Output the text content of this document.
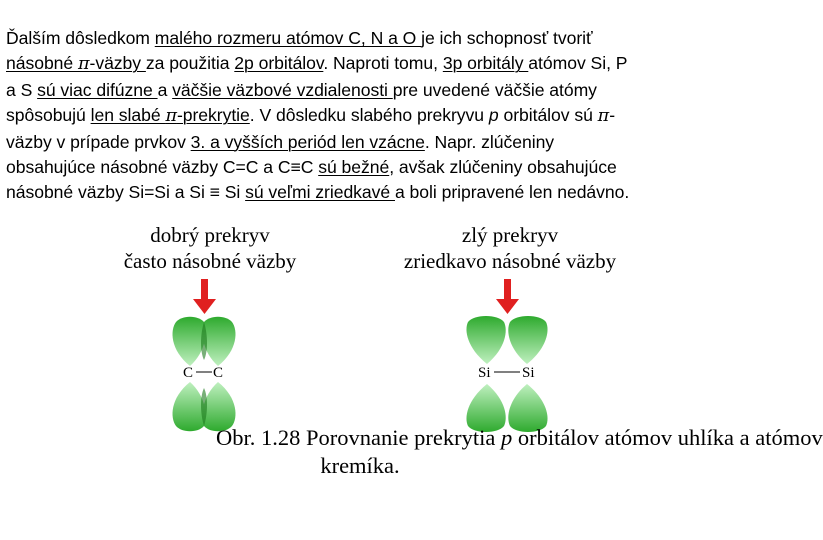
Ďalším dôsledkom malého rozmeru atómov C, N a O je ich schopnosť tvoriť
násobné π-väzby za použitia 2p orbitálov. Naproti tomu, 3p orbitály atómov Si, P
a S sú viac difúzne a väčšie väzbové vzdialenosti pre uvedené väčšie atómy
spôsobujú len slabé π-prekrytie. V dôsledku slabého prekryvu p orbitálov sú π-
väzby v prípade prvkov 3. a vyšších periód len vzácne. Napr. zlúčeniny
obsahujúce násobné väzby C=C a C≡C sú bežné, avšak zlúčeniny obsahujúce
násobné väzby Si=Si a Si ≡ Si sú veľmi zriedkavé a boli pripravené len nedávno.
dobrý prekryv
často násobné väzby
zlý prekryv
zriedkavo násobné väzby
C C	Si Si
Obr. 1.28 Porovnanie prekrytia p orbitálov atómov uhlíka a atómov
kremíka.
